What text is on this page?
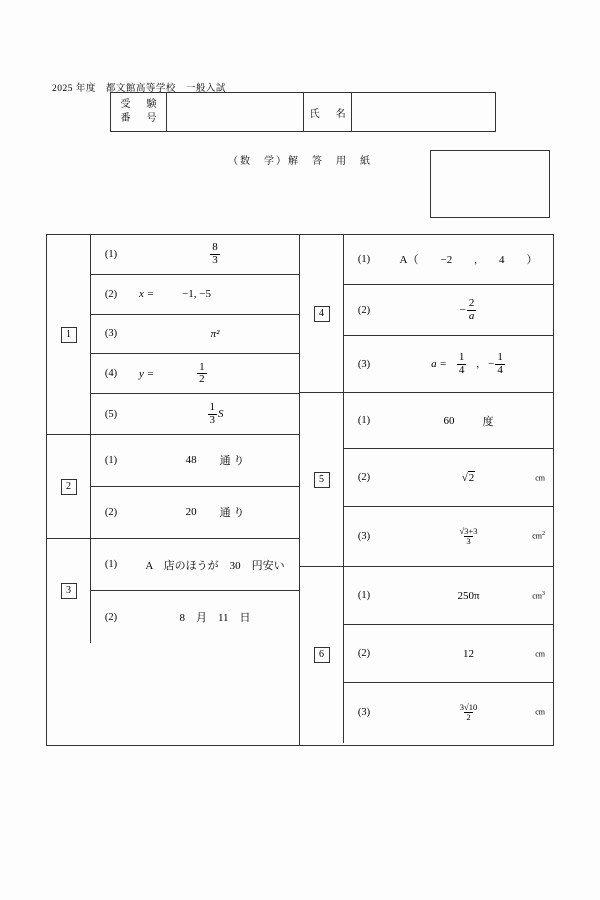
2025 年度　都文館高等学校　一般入試
受　験
番　号	氏　名
（数　学）解　答　用　紙
1
(1)	$\frac{8}{3}$
(2)	x =	−1, −5
(3)	π²
(4)	y =	$\frac{1}{2}$
(5)	$\frac{1}{3}$ S
2
(1)	48 通 り
(2)	20 通 り
3
(1)	A　店のほうが　30　円安い
(2)	8　月　11　日
4
(1)	A（　　−2　　,　　4　　）
(2)	− $\frac{2}{a}$
(3)	$a = \frac{1}{4}$ , − $\frac{1}{4}$
5
(1)	60	度
(2)	√2	cm
(3)	$\frac{√3+3}{3}$	$cm^2$
6
(1)	250π	$cm^3$
(2)	12	cm
(3)	$\frac{3√10}{2}$	cm
